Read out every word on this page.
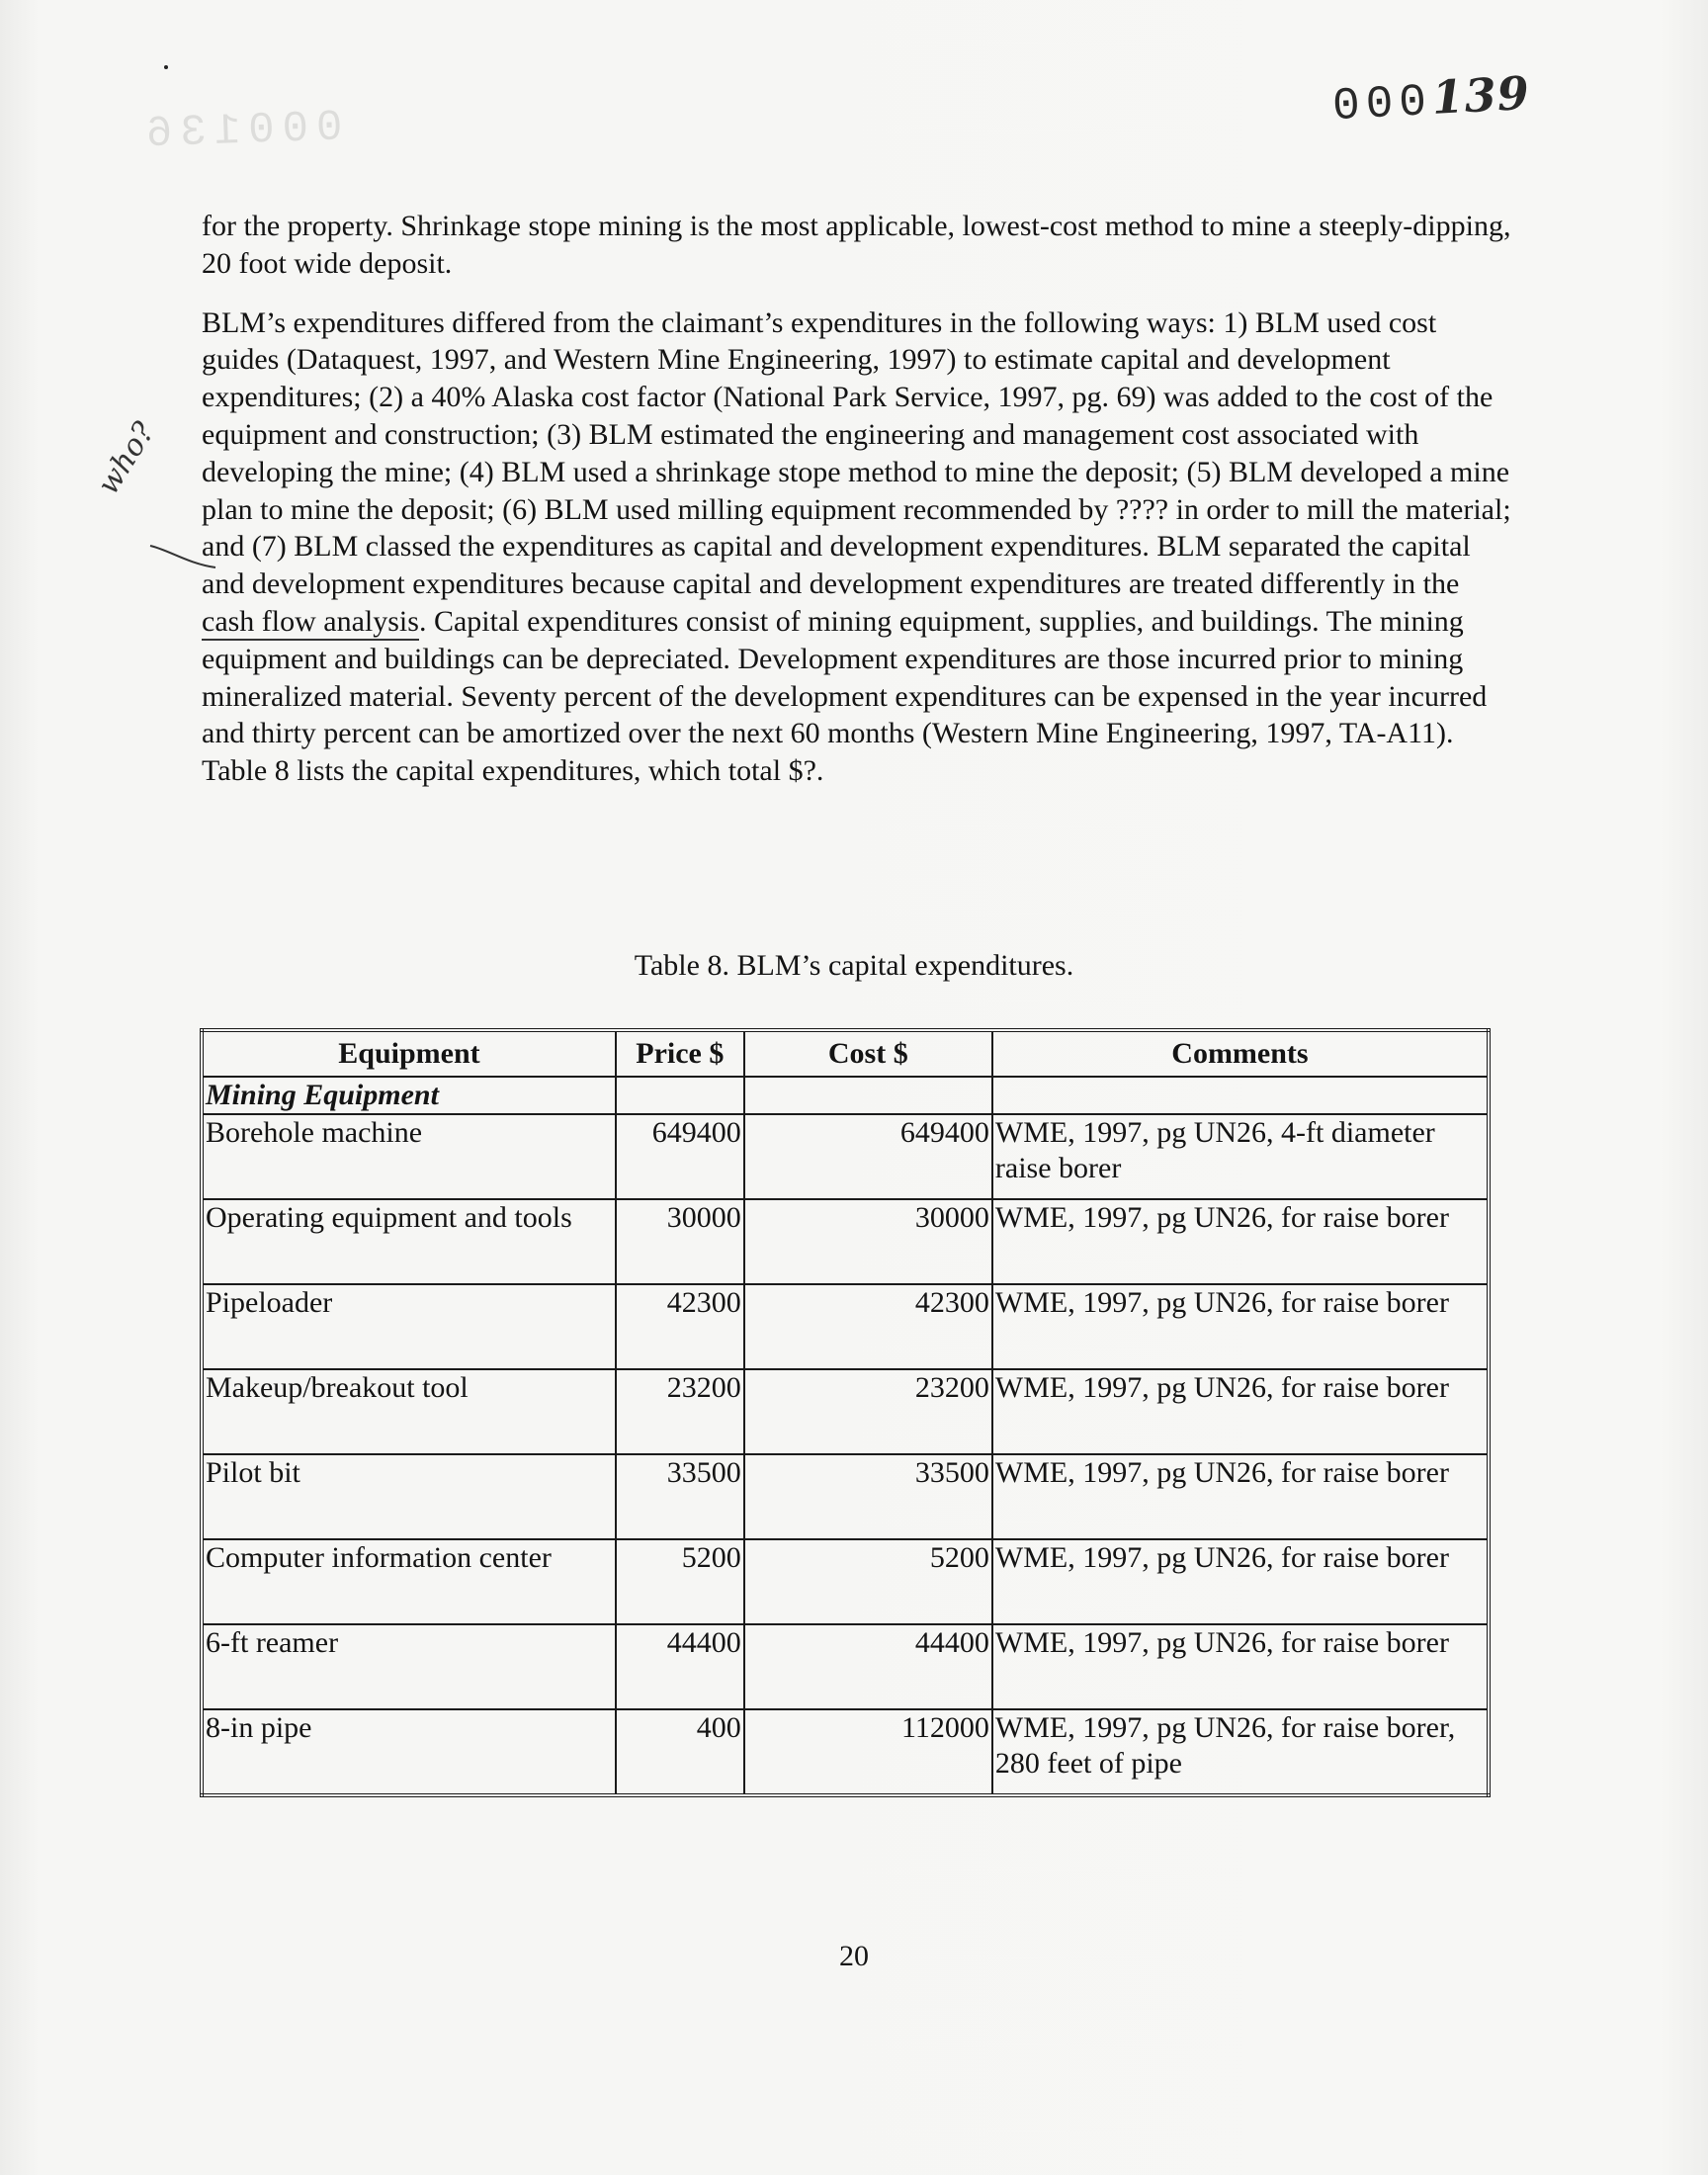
000136	000139
who?

for the property. Shrinkage stope mining is the most applicable, lowest-cost method to mine a steeply-dipping, 20 foot wide deposit.

BLM’s expenditures differed from the claimant’s expenditures in the following ways: 1) BLM used cost guides (Dataquest, 1997, and Western Mine Engineering, 1997) to estimate capital and development expenditures; (2) a 40% Alaska cost factor (National Park Service, 1997, pg. 69) was added to the cost of the equipment and construction; (3) BLM estimated the engineering and management cost associated with developing the mine; (4) BLM used a shrinkage stope method to mine the deposit; (5) BLM developed a mine plan to mine the deposit; (6) BLM used milling equipment recommended by ???? in order to mill the material; and (7) BLM classed the expenditures as capital and development expenditures. BLM separated the capital and development expenditures because capital and development expenditures are treated differently in the cash flow analysis. Capital expenditures consist of mining equipment, supplies, and buildings. The mining equipment and buildings can be depreciated. Development expenditures are those incurred prior to mining mineralized material. Seventy percent of the development expenditures can be expensed in the year incurred and thirty percent can be amortized over the next 60 months (Western Mine Engineering, 1997, TA-A11). Table 8 lists the capital expenditures, which total $?.

Table 8. BLM’s capital expenditures.
Equipment	Price $	Cost $	Comments
Mining Equipment			
Borehole machine	649400	649400	WME, 1997, pg UN26, 4-ft diameter raise borer
Operating equipment and tools	30000	30000	WME, 1997, pg UN26, for raise borer
Pipeloader	42300	42300	WME, 1997, pg UN26, for raise borer
Makeup/breakout tool	23200	23200	WME, 1997, pg UN26, for raise borer
Pilot bit	33500	33500	WME, 1997, pg UN26, for raise borer
Computer information center	5200	5200	WME, 1997, pg UN26, for raise borer
6-ft reamer	44400	44400	WME, 1997, pg UN26, for raise borer
8-in pipe	400	112000	WME, 1997, pg UN26, for raise borer, 280 feet of pipe
20
